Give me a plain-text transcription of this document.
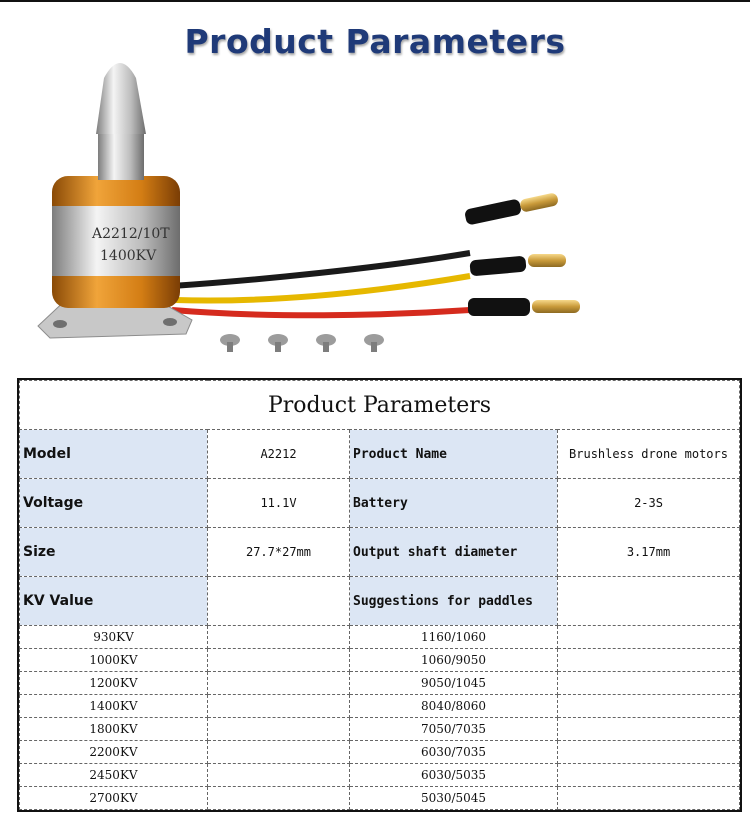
Product Parameters
A2212/10T
1400KV
Product Parameters			
Model	A2212	Product Name	Brushless drone motors
Voltage	11.1V	Battery	2-3S
Size	27.7*27mm	Output shaft diameter	3.17mm
KV Value		Suggestions for paddles	
930KV		1160/1060	
1000KV		1060/9050	
1200KV		9050/1045	
1400KV		8040/8060	
1800KV		7050/7035	
2200KV		6030/7035	
2450KV		6030/5035	
2700KV		5030/5045	
